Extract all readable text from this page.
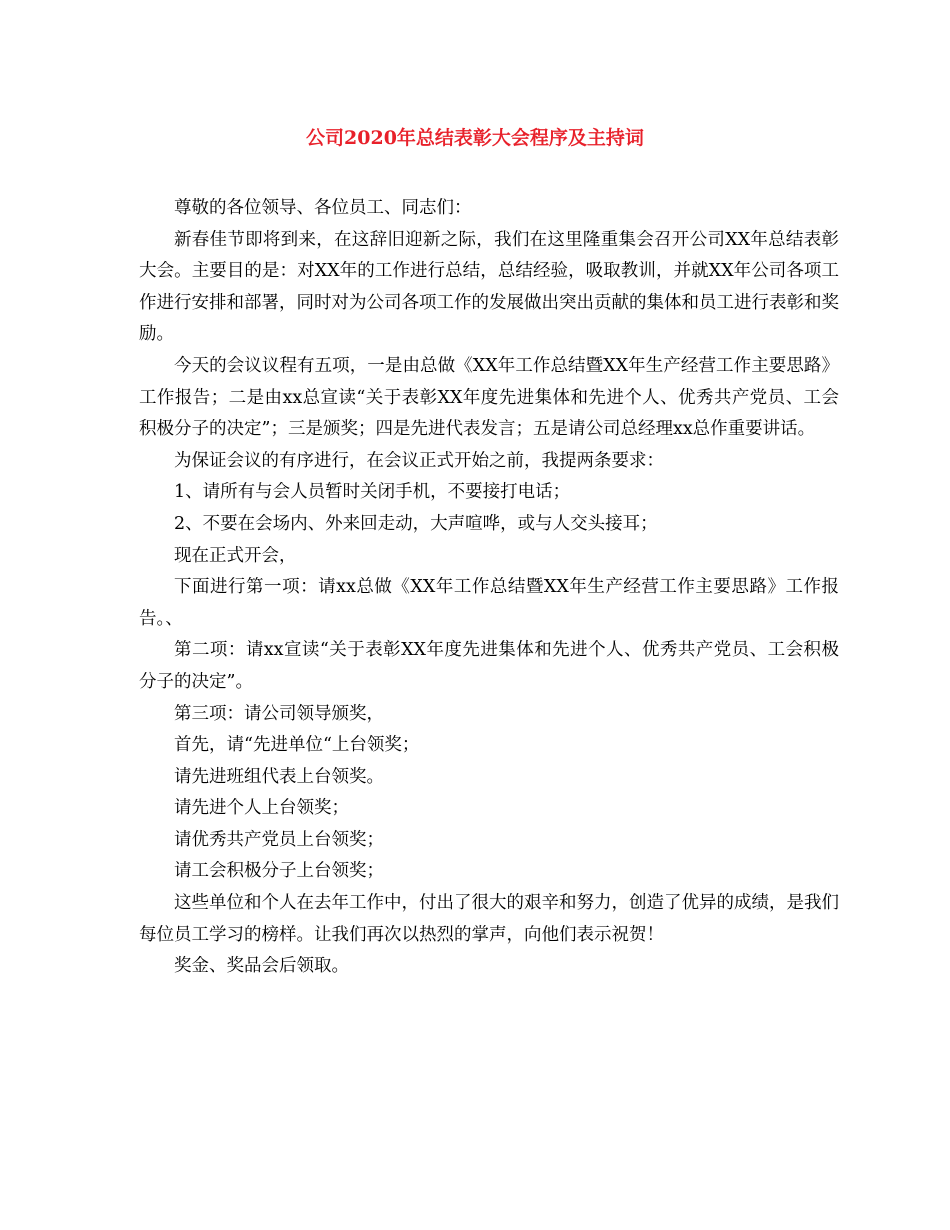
公司2020年总结表彰大会程序及主持词

尊敬的各位领导、各位员工、同志们：

新春佳节即将到来，在这辞旧迎新之际，我们在这里隆重集会召开公司XX年总结表彰大会。主要目的是：对XX年的工作进行总结，总结经验，吸取教训，并就XX年公司各项工作进行安排和部署，同时对为公司各项工作的发展做出突出贡献的集体和员工进行表彰和奖励。

今天的会议议程有五项，一是由总做《XX年工作总结暨XX年生产经营工作主要思路》工作报告；二是由xx总宣读“关于表彰XX年度先进集体和先进个人、优秀共产党员、工会积极分子的决定”；三是颁奖；四是先进代表发言；五是请公司总经理xx总作重要讲话。

为保证会议的有序进行，在会议正式开始之前，我提两条要求：

1、请所有与会人员暂时关闭手机，不要接打电话；

2、不要在会场内、外来回走动，大声喧哗，或与人交头接耳；

现在正式开会，

下面进行第一项：请xx总做《XX年工作总结暨XX年生产经营工作主要思路》工作报告。、

第二项：请xx宣读“关于表彰XX年度先进集体和先进个人、优秀共产党员、工会积极分子的决定”。

第三项：请公司领导颁奖，

首先，请“先进单位“上台领奖；

请先进班组代表上台领奖。

请先进个人上台领奖；

请优秀共产党员上台领奖；

请工会积极分子上台领奖；

这些单位和个人在去年工作中，付出了很大的艰辛和努力，创造了优异的成绩，是我们每位员工学习的榜样。让我们再次以热烈的掌声，向他们表示祝贺！

奖金、奖品会后领取。
